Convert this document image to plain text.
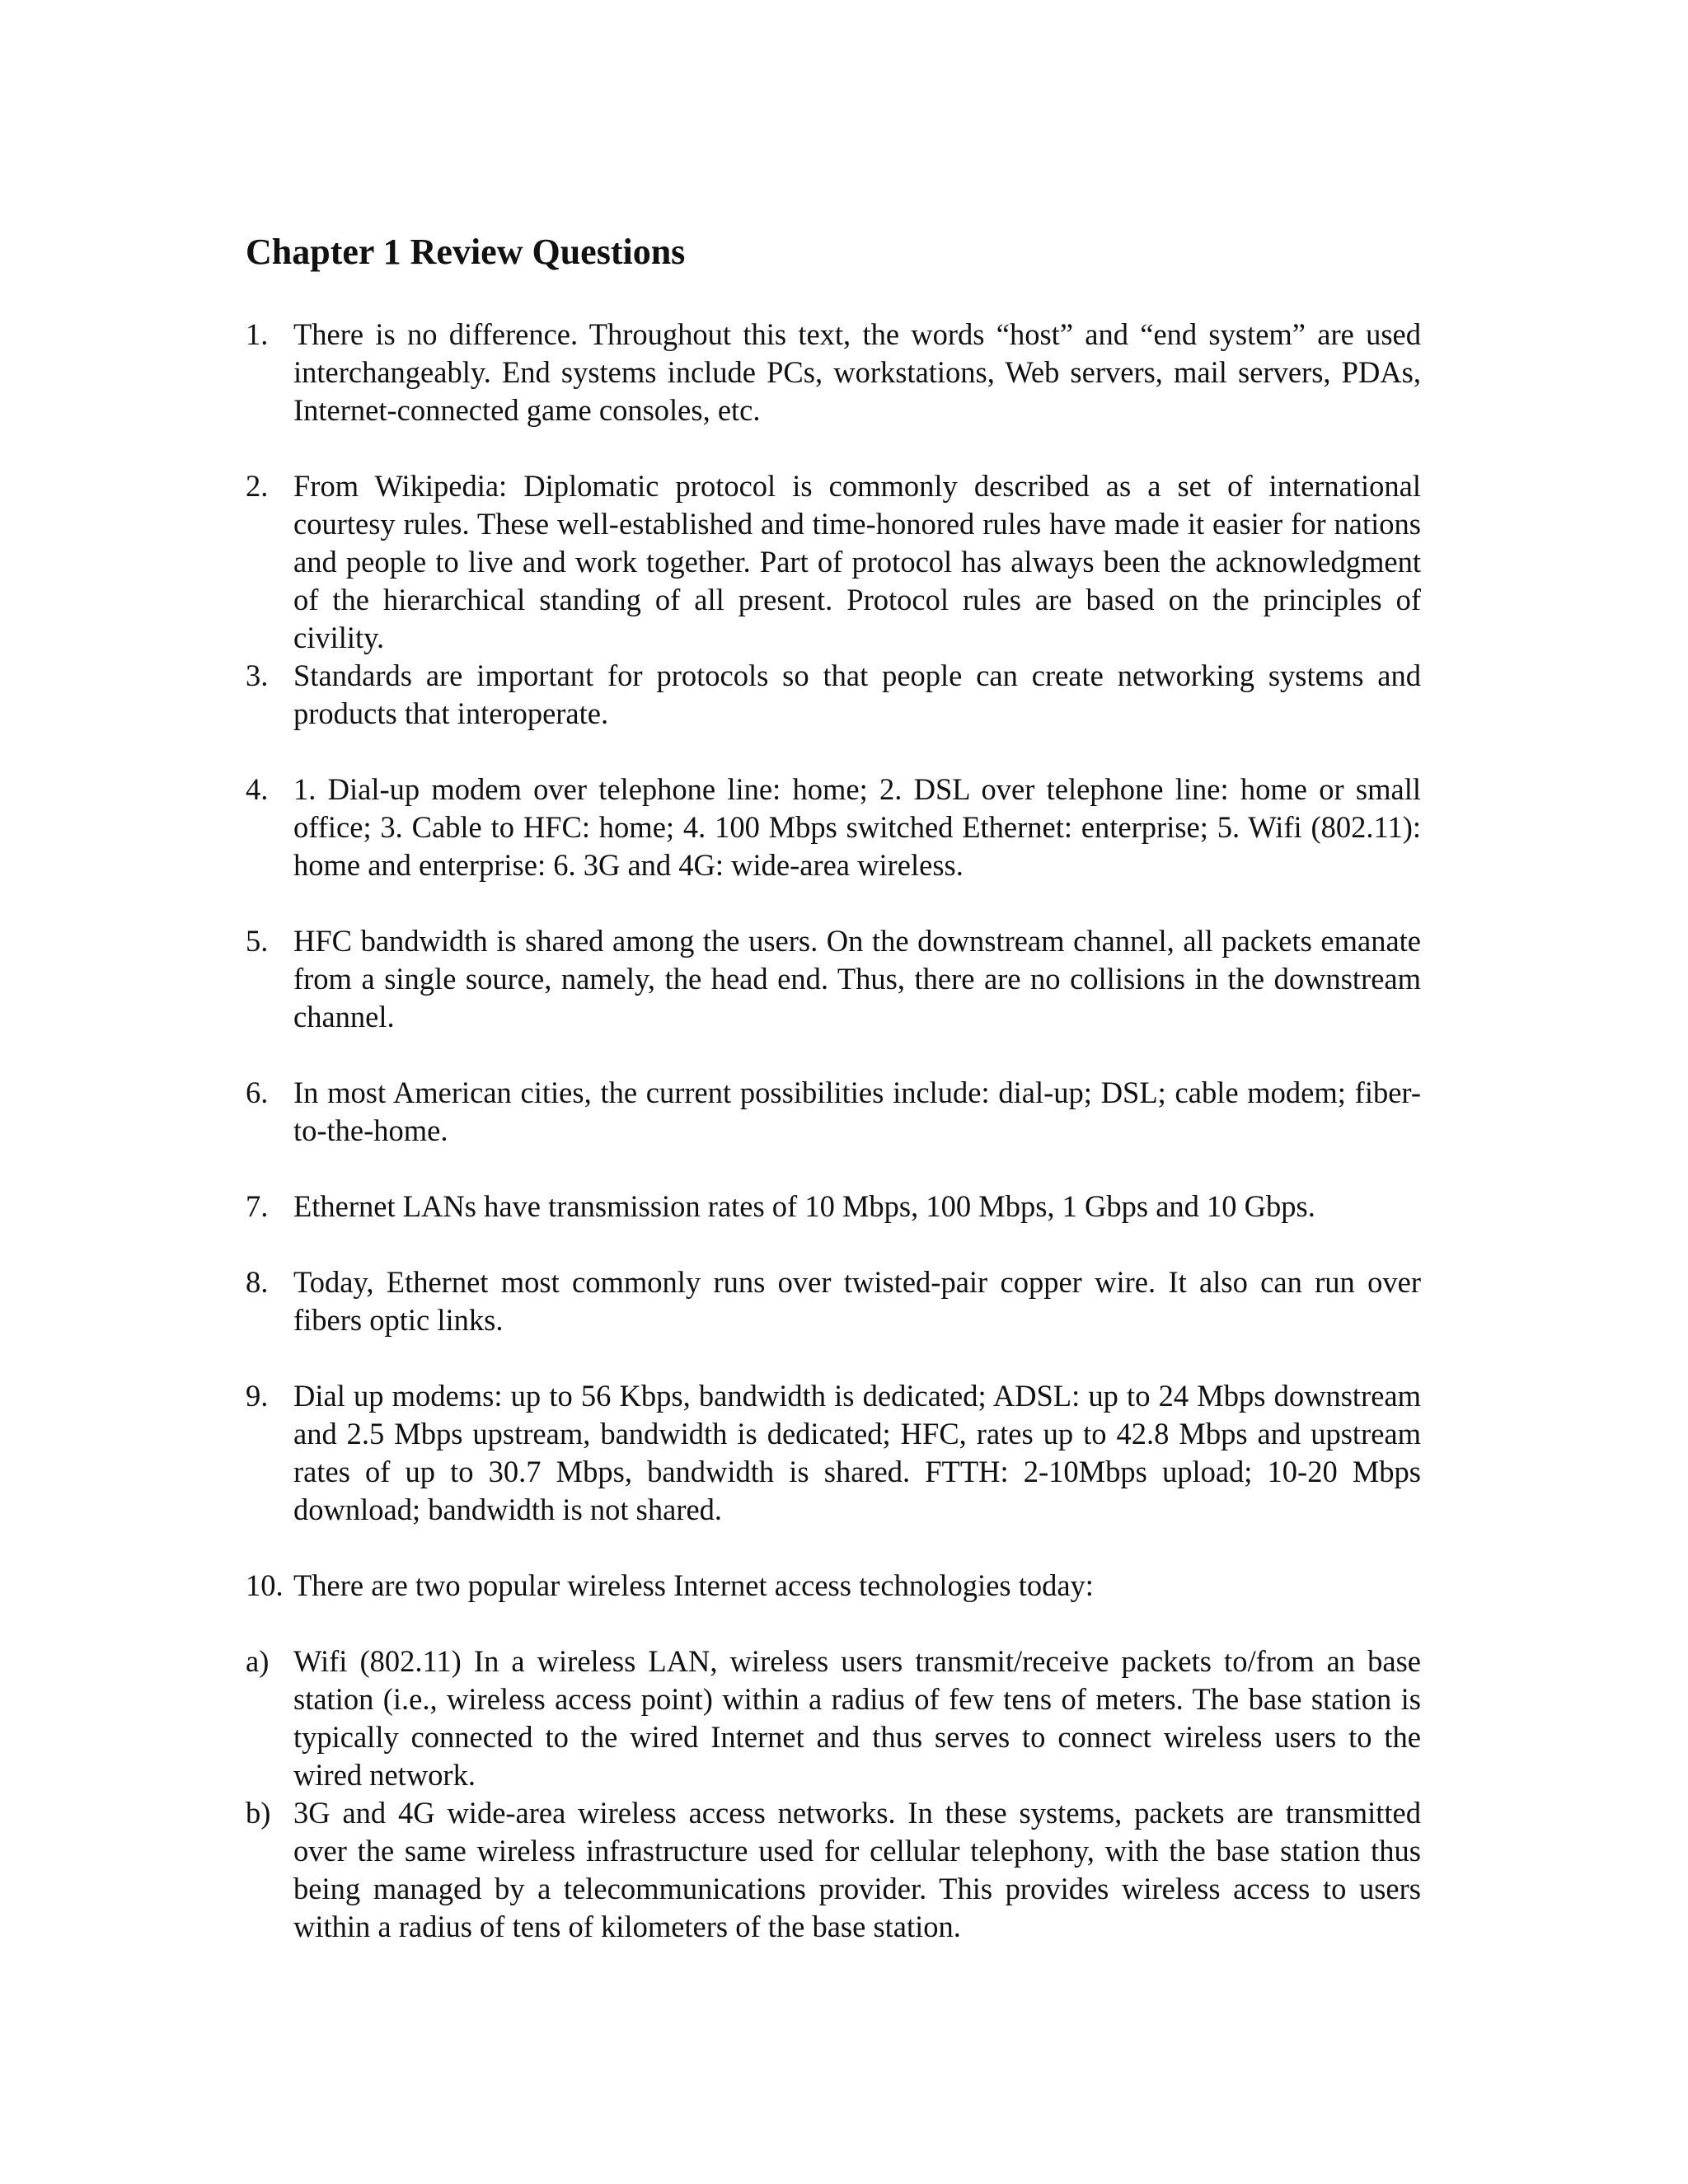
Chapter 1 Review Questions
1. There is no difference. Throughout this text, the words “host” and “end system” are used interchangeably. End systems include PCs, workstations, Web servers, mail servers, PDAs, Internet-connected game consoles, etc.
2. From Wikipedia: Diplomatic protocol is commonly described as a set of international courtesy rules. These well-established and time-honored rules have made it easier for nations and people to live and work together. Part of protocol has always been the acknowledgment of the hierarchical standing of all present. Protocol rules are based on the principles of civility.
3. Standards are important for protocols so that people can create networking systems and products that interoperate.
4. 1. Dial-up modem over telephone line: home; 2. DSL over telephone line: home or small office; 3. Cable to HFC: home; 4. 100 Mbps switched Ethernet: enterprise; 5. Wifi (802.11): home and enterprise: 6. 3G and 4G: wide-area wireless.
5. HFC bandwidth is shared among the users. On the downstream channel, all packets emanate from a single source, namely, the head end. Thus, there are no collisions in the downstream channel.
6. In most American cities, the current possibilities include: dial-up; DSL; cable modem; fiber-to-the-home.
7. Ethernet LANs have transmission rates of 10 Mbps, 100 Mbps, 1 Gbps and 10 Gbps.
8. Today, Ethernet most commonly runs over twisted-pair copper wire. It also can run over fibers optic links.
9. Dial up modems: up to 56 Kbps, bandwidth is dedicated; ADSL: up to 24 Mbps downstream and 2.5 Mbps upstream, bandwidth is dedicated; HFC, rates up to 42.8 Mbps and upstream rates of up to 30.7 Mbps, bandwidth is shared. FTTH: 2-10Mbps upload; 10-20 Mbps download; bandwidth is not shared.
10. There are two popular wireless Internet access technologies today:
a) Wifi (802.11) In a wireless LAN, wireless users transmit/receive packets to/from an base station (i.e., wireless access point) within a radius of few tens of meters. The base station is typically connected to the wired Internet and thus serves to connect wireless users to the wired network.
b) 3G and 4G wide-area wireless access networks. In these systems, packets are transmitted over the same wireless infrastructure used for cellular telephony, with the base station thus being managed by a telecommunications provider. This provides wireless access to users within a radius of tens of kilometers of the base station.
